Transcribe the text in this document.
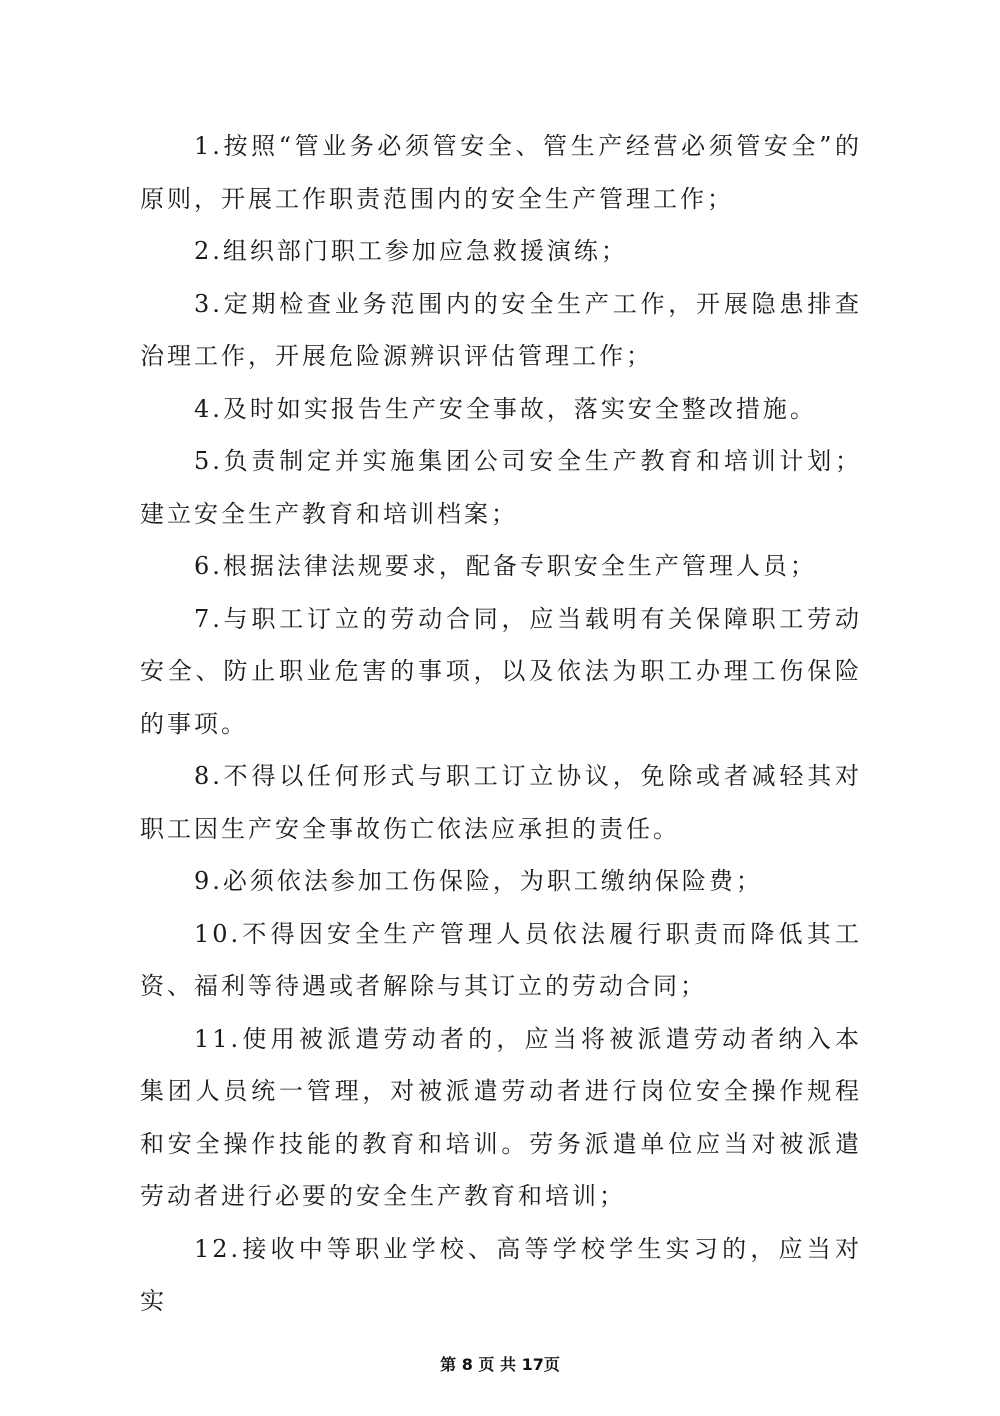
1.按照“管业务必须管安全、管生产经营必须管安全”的原则，开展工作职责范围内的安全生产管理工作；

2.组织部门职工参加应急救援演练；

3.定期检查业务范围内的安全生产工作，开展隐患排查治理工作，开展危险源辨识评估管理工作；

4.及时如实报告生产安全事故，落实安全整改措施。

5.负责制定并实施集团公司安全生产教育和培训计划；建立安全生产教育和培训档案；

6.根据法律法规要求，配备专职安全生产管理人员；

7.与职工订立的劳动合同，应当载明有关保障职工劳动安全、防止职业危害的事项，以及依法为职工办理工伤保险的事项。

8.不得以任何形式与职工订立协议，免除或者减轻其对职工因生产安全事故伤亡依法应承担的责任。

9.必须依法参加工伤保险，为职工缴纳保险费；

10.不得因安全生产管理人员依法履行职责而降低其工资、福利等待遇或者解除与其订立的劳动合同；

11.使用被派遣劳动者的，应当将被派遣劳动者纳入本集团人员统一管理，对被派遣劳动者进行岗位安全操作规程和安全操作技能的教育和培训。劳务派遣单位应当对被派遣劳动者进行必要的安全生产教育和培训；

12.接收中等职业学校、高等学校学生实习的，应当对实

第 8 页 共 17页
